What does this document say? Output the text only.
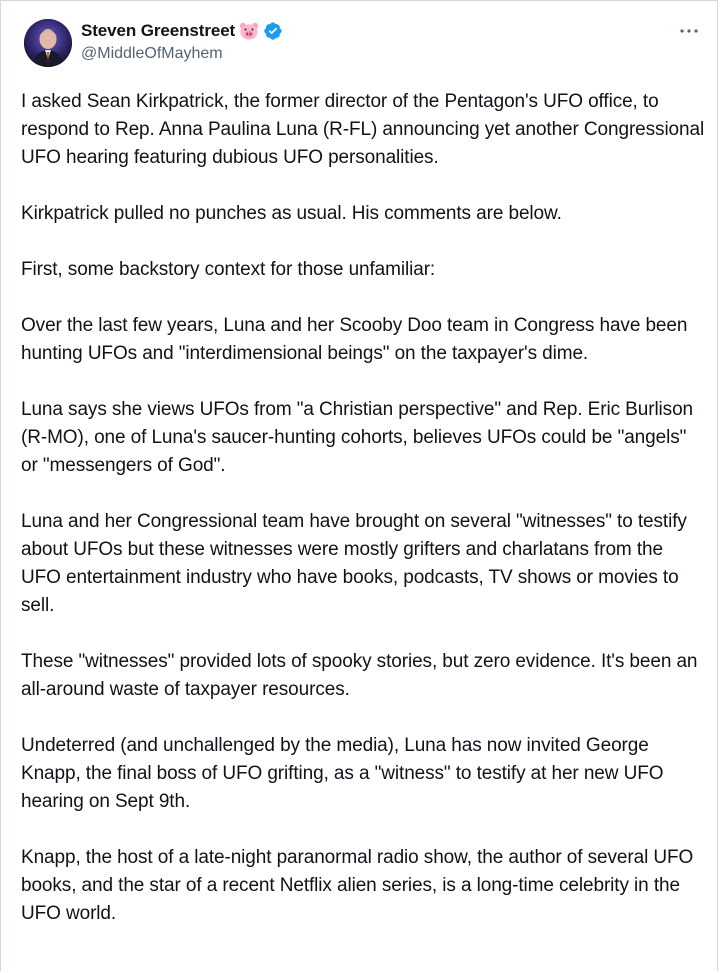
Steven Greenstreet
@MiddleOfMayhem

I asked Sean Kirkpatrick, the former director of the Pentagon's UFO office, to respond to Rep. Anna Paulina Luna (R-FL) announcing yet another Congressional UFO hearing featuring dubious UFO personalities.

Kirkpatrick pulled no punches as usual. His comments are below.

First, some backstory context for those unfamiliar:

Over the last few years, Luna and her Scooby Doo team in Congress have been hunting UFOs and "interdimensional beings" on the taxpayer's dime.

Luna says she views UFOs from "a Christian perspective" and Rep. Eric Burlison (R-MO), one of Luna's saucer-hunting cohorts, believes UFOs could be "angels" or "messengers of God".

Luna and her Congressional team have brought on several "witnesses" to testify about UFOs but these witnesses were mostly grifters and charlatans from the UFO entertainment industry who have books, podcasts, TV shows or movies to sell.

These "witnesses" provided lots of spooky stories, but zero evidence. It's been an all-around waste of taxpayer resources.

Undeterred (and unchallenged by the media), Luna has now invited George Knapp, the final boss of UFO grifting, as a "witness" to testify at her new UFO hearing on Sept 9th.

Knapp, the host of a late-night paranormal radio show, the author of several UFO books, and the star of a recent Netflix alien series, is a long-time celebrity in the UFO world.
